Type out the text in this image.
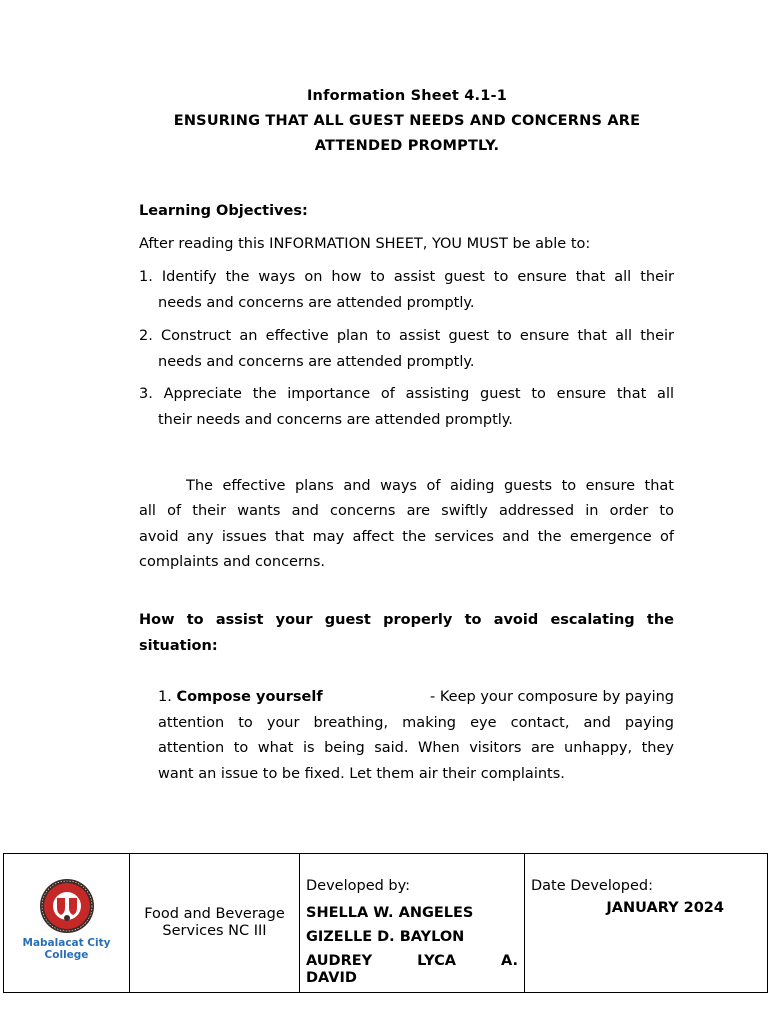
Information Sheet 4.1-1
ENSURING THAT ALL GUEST NEEDS AND CONCERNS ARE
ATTENDED PROMPTLY.
Learning Objectives:
After reading this INFORMATION SHEET, YOU MUST be able to:
1. Identify the ways on how to assist guest to ensure that all their
needs and concerns are attended promptly.
2. Construct an effective plan to assist guest to ensure that all their
needs and concerns are attended promptly.
3. Appreciate the importance of assisting guest to ensure that all
their needs and concerns are attended promptly.
The effective plans and ways of aiding guests to ensure that
all of their wants and concerns are swiftly addressed in order to
avoid any issues that may affect the services and the emergence of
complaints and concerns.
How to assist your guest properly to avoid escalating the
situation:
1. Compose yourself	- Keep your composure by paying
attention to your breathing, making eye contact, and paying
attention to what is being said. When visitors are unhappy, they
want an issue to be fixed. Let them air their complaints.
Mabalacat City
College

Food and Beverage
Services NC III

Developed by:
SHELLA W. ANGELES
GIZELLE D. BAYLON
AUDREY LYCA A.
DAVID

Date Developed:
JANUARY 2024
